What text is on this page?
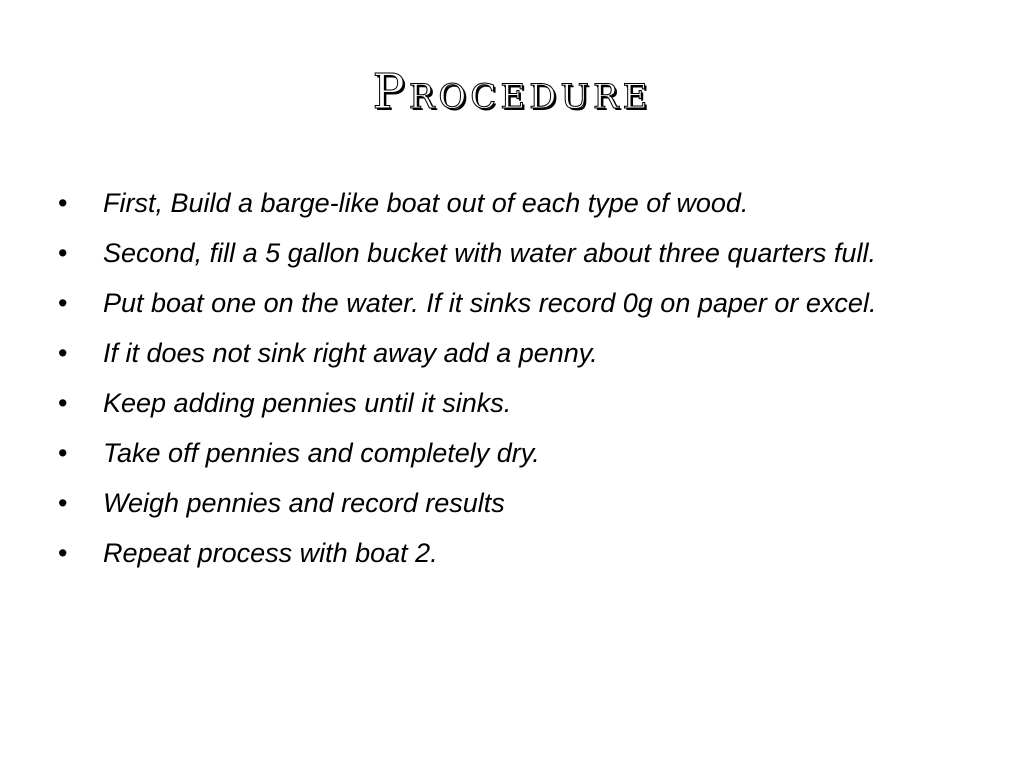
Procedure
• First, Build a barge-like boat out of each type of wood.
• Second, fill a 5 gallon bucket with water about three quarters full.
• Put boat one on the water. If it sinks record 0g on paper or excel.
• If it does not sink right away add a penny.
• Keep adding pennies until it sinks.
• Take off pennies and completely dry.
• Weigh pennies and record results
• Repeat process with boat 2.
